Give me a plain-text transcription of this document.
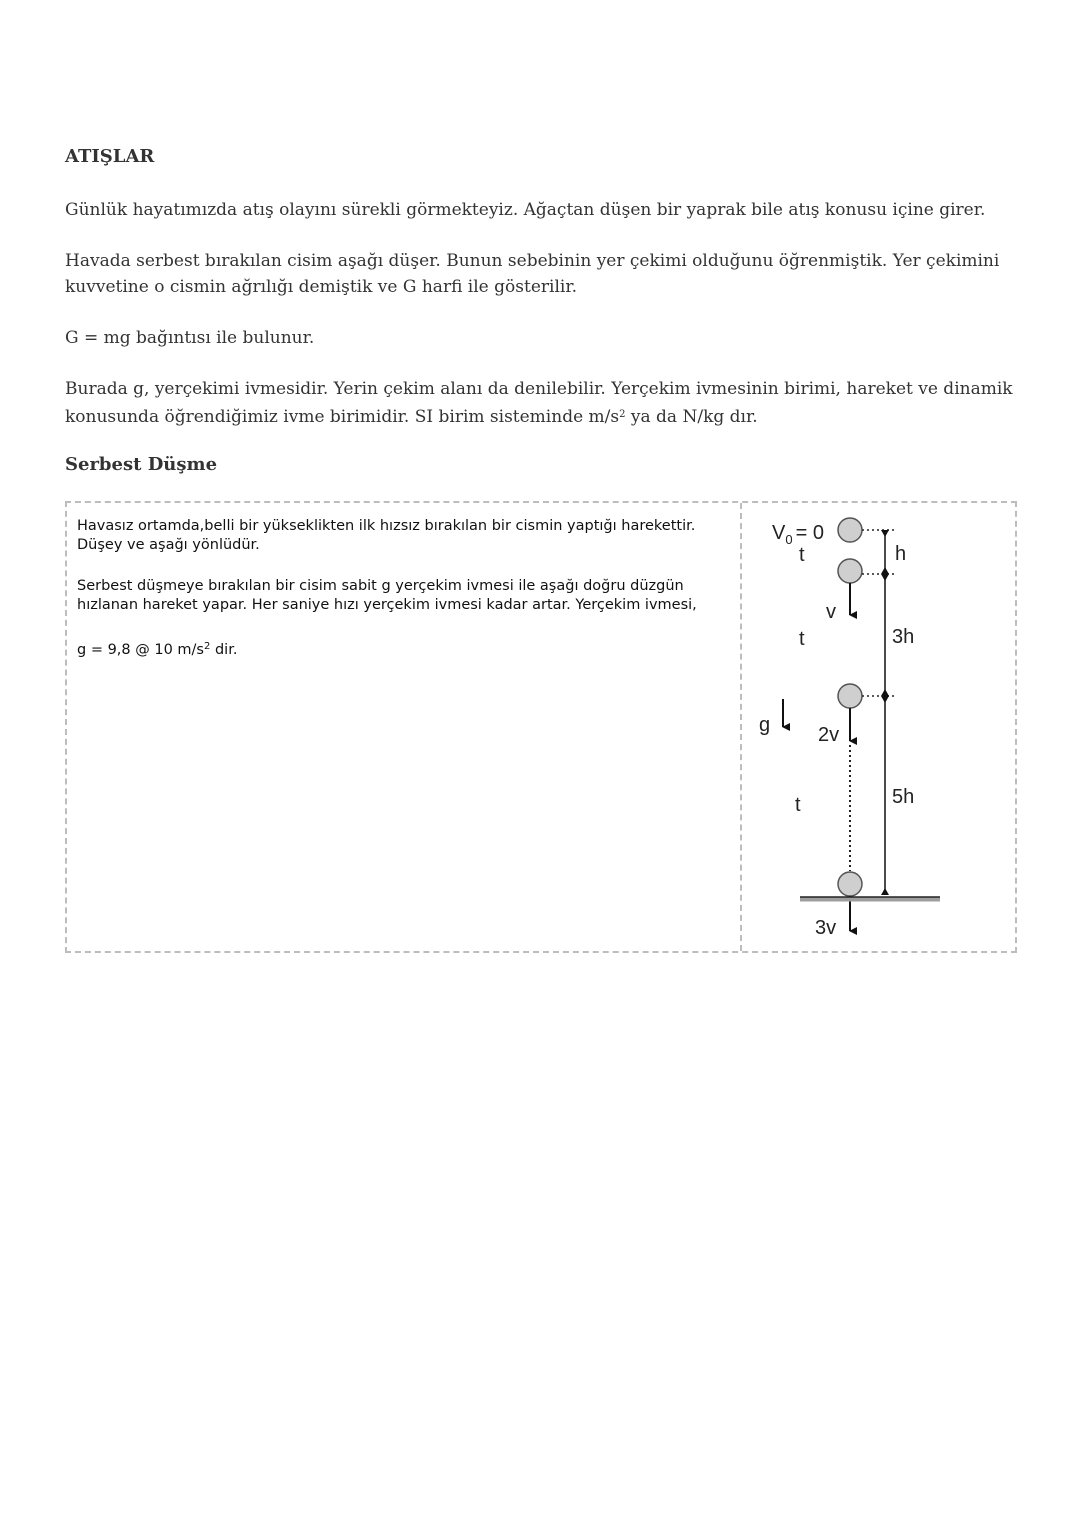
ATIŞLAR

Günlük hayatımızda atış olayını sürekli görmekteyiz. Ağaçtan düşen bir yaprak bile atış konusu içine girer.

Havada serbest bırakılan cisim aşağı düşer. Bunun sebebinin yer çekimi olduğunu öğrenmiştik. Yer çekimini kuvvetine o cismin ağrılığı demiştik ve G harfi ile gösterilir.

G = mg bağıntısı ile bulunur.

Burada g, yerçekimi ivmesidir. Yerin çekim alanı da denilebilir. Yerçekim ivmesinin birimi, hareket ve dinamik konusunda öğrendiğimiz ivme birimidir. SI birim sisteminde $m/s^2$ ya da N/kg dır.

Serbest Düşme

Havasız ortamda,belli bir yükseklikten ilk hızsız bırakılan bir cismin yaptığı harekettir. Düşey ve aşağı yönlüdür.

Serbest düşmeye bırakılan bir cisim sabit g yerçekim ivmesi ile aşağı doğru düzgün hızlanan hareket yapar. Her saniye hızı yerçekim ivmesi kadar artar. Yerçekim ivmesi,

g = 9,8 @ 10 $m/s^2$ dir.

$V_0 = 0$
v
2v
3v
t
t
t
g
h
3h
5h
